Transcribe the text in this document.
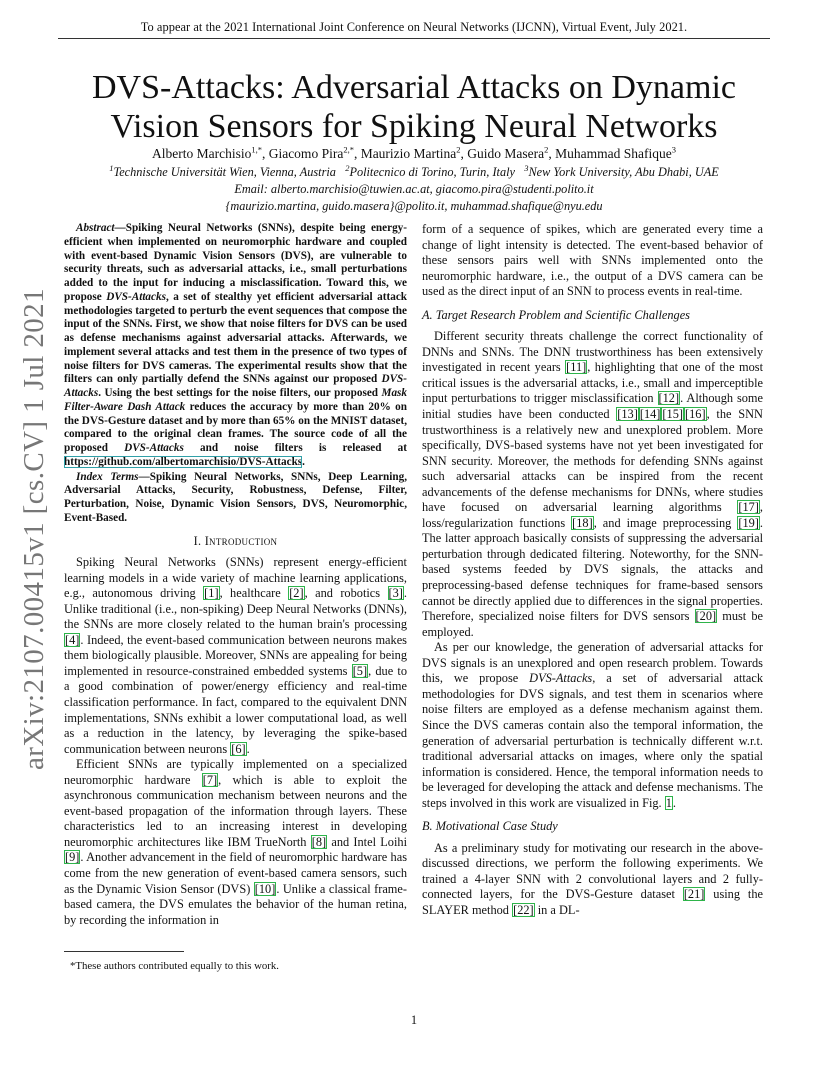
To appear at the 2021 International Joint Conference on Neural Networks (IJCNN), Virtual Event, July 2021.
DVS-Attacks: Adversarial Attacks on Dynamic
Vision Sensors for Spiking Neural Networks
Alberto Marchisio$^{1,*}$, Giacomo Pira$^{2,*}$, Maurizio Martina$^2$, Guido Masera$^2$, Muhammad Shafique$^3$
$^1$Technische Universität Wien, Vienna, Austria $^2$Politecnico di Torino, Turin, Italy $^3$New York University, Abu Dhabi, UAE
Email: alberto.marchisio@tuwien.ac.at, giacomo.pira@studenti.polito.it
{maurizio.martina, guido.masera}@polito.it, muhammad.shafique@nyu.edu
arXiv:2107.00415v1 [cs.CV] 1 Jul 2021

Abstract—Spiking Neural Networks (SNNs), despite being energy-efficient when implemented on neuromorphic hardware and coupled with event-based Dynamic Vision Sensors (DVS), are vulnerable to security threats, such as adversarial attacks, i.e., small perturbations added to the input for inducing a misclassification. Toward this, we propose DVS-Attacks, a set of stealthy yet efficient adversarial attack methodologies targeted to perturb the event sequences that compose the input of the SNNs. First, we show that noise filters for DVS can be used as defense mechanisms against adversarial attacks. Afterwards, we implement several attacks and test them in the presence of two types of noise filters for DVS cameras. The experimental results show that the filters can only partially defend the SNNs against our proposed DVS-Attacks. Using the best settings for the noise filters, our proposed Mask Filter-Aware Dash Attack reduces the accuracy by more than 20% on the DVS-Gesture dataset and by more than 65% on the MNIST dataset, compared to the original clean frames. The source code of all the proposed DVS-Attacks and noise filters is released at https://github.com/albertomarchisio/DVS-Attacks.

Index Terms—Spiking Neural Networks, SNNs, Deep Learning, Adversarial Attacks, Security, Robustness, Defense, Filter, Perturbation, Noise, Dynamic Vision Sensors, DVS, Neuromorphic, Event-Based.

I. Introduction

Spiking Neural Networks (SNNs) represent energy-efficient learning models in a wide variety of machine learning applications, e.g., autonomous driving [1], healthcare [2], and robotics [3]. Unlike traditional (i.e., non-spiking) Deep Neural Networks (DNNs), the SNNs are more closely related to the human brain's processing [4]. Indeed, the event-based communication between neurons makes them biologically plausible. Moreover, SNNs are appealing for being implemented in resource-constrained embedded systems [5], due to a good combination of power/energy efficiency and real-time classification performance. In fact, compared to the equivalent DNN implementations, SNNs exhibit a lower computational load, as well as a reduction in the latency, by leveraging the spike-based communication between neurons [6].

Efficient SNNs are typically implemented on a specialized neuromorphic hardware [7], which is able to exploit the asynchronous communication mechanism between neurons and the event-based propagation of the information through layers. These characteristics led to an increasing interest in developing neuromorphic architectures like IBM TrueNorth [8] and Intel Loihi [9]. Another advancement in the field of neuromorphic hardware has come from the new generation of event-based camera sensors, such as the Dynamic Vision Sensor (DVS) [10]. Unlike a classical frame-based camera, the DVS emulates the behavior of the human retina, by recording the information in

form of a sequence of spikes, which are generated every time a change of light intensity is detected. The event-based behavior of these sensors pairs well with SNNs implemented onto the neuromorphic hardware, i.e., the output of a DVS camera can be used as the direct input of an SNN to process events in real-time.

A. Target Research Problem and Scientific Challenges

Different security threats challenge the correct functionality of DNNs and SNNs. The DNN trustworthiness has been extensively investigated in recent years [11], highlighting that one of the most critical issues is the adversarial attacks, i.e., small and imperceptible input perturbations to trigger misclassification [12]. Although some initial studies have been conducted [13] [14] [15] [16], the SNN trustworthiness is a relatively new and unexplored problem. More specifically, DVS-based systems have not yet been investigated for SNN security. Moreover, the methods for defending SNNs against such adversarial attacks can be inspired from the recent advancements of the defense mechanisms for DNNs, where studies have focused on adversarial learning algorithms [17], loss/regularization functions [18], and image preprocessing [19]. The latter approach basically consists of suppressing the adversarial perturbation through dedicated filtering. Noteworthy, for the SNN-based systems feeded by DVS signals, the attacks and preprocessing-based defense techniques for frame-based sensors cannot be directly applied due to differences in the signal properties. Therefore, specialized noise filters for DVS sensors [20] must be employed.

As per our knowledge, the generation of adversarial attacks for DVS signals is an unexplored and open research problem. Towards this, we propose DVS-Attacks, a set of adversarial attack methodologies for DVS signals, and test them in scenarios where noise filters are employed as a defense mechanism against them. Since the DVS cameras contain also the temporal information, the generation of adversarial perturbation is technically different w.r.t. traditional adversarial attacks on images, where only the spatial information is considered. Hence, the temporal information needs to be leveraged for developing the attack and defense mechanisms. The steps involved in this work are visualized in Fig. 1.

B. Motivational Case Study

As a preliminary study for motivating our research in the above-discussed directions, we perform the following experiments. We trained a 4-layer SNN with 2 convolutional layers and 2 fully-connected layers, for the DVS-Gesture dataset [21] using the SLAYER method [22] in a DL-

*These authors contributed equally to this work.
1
